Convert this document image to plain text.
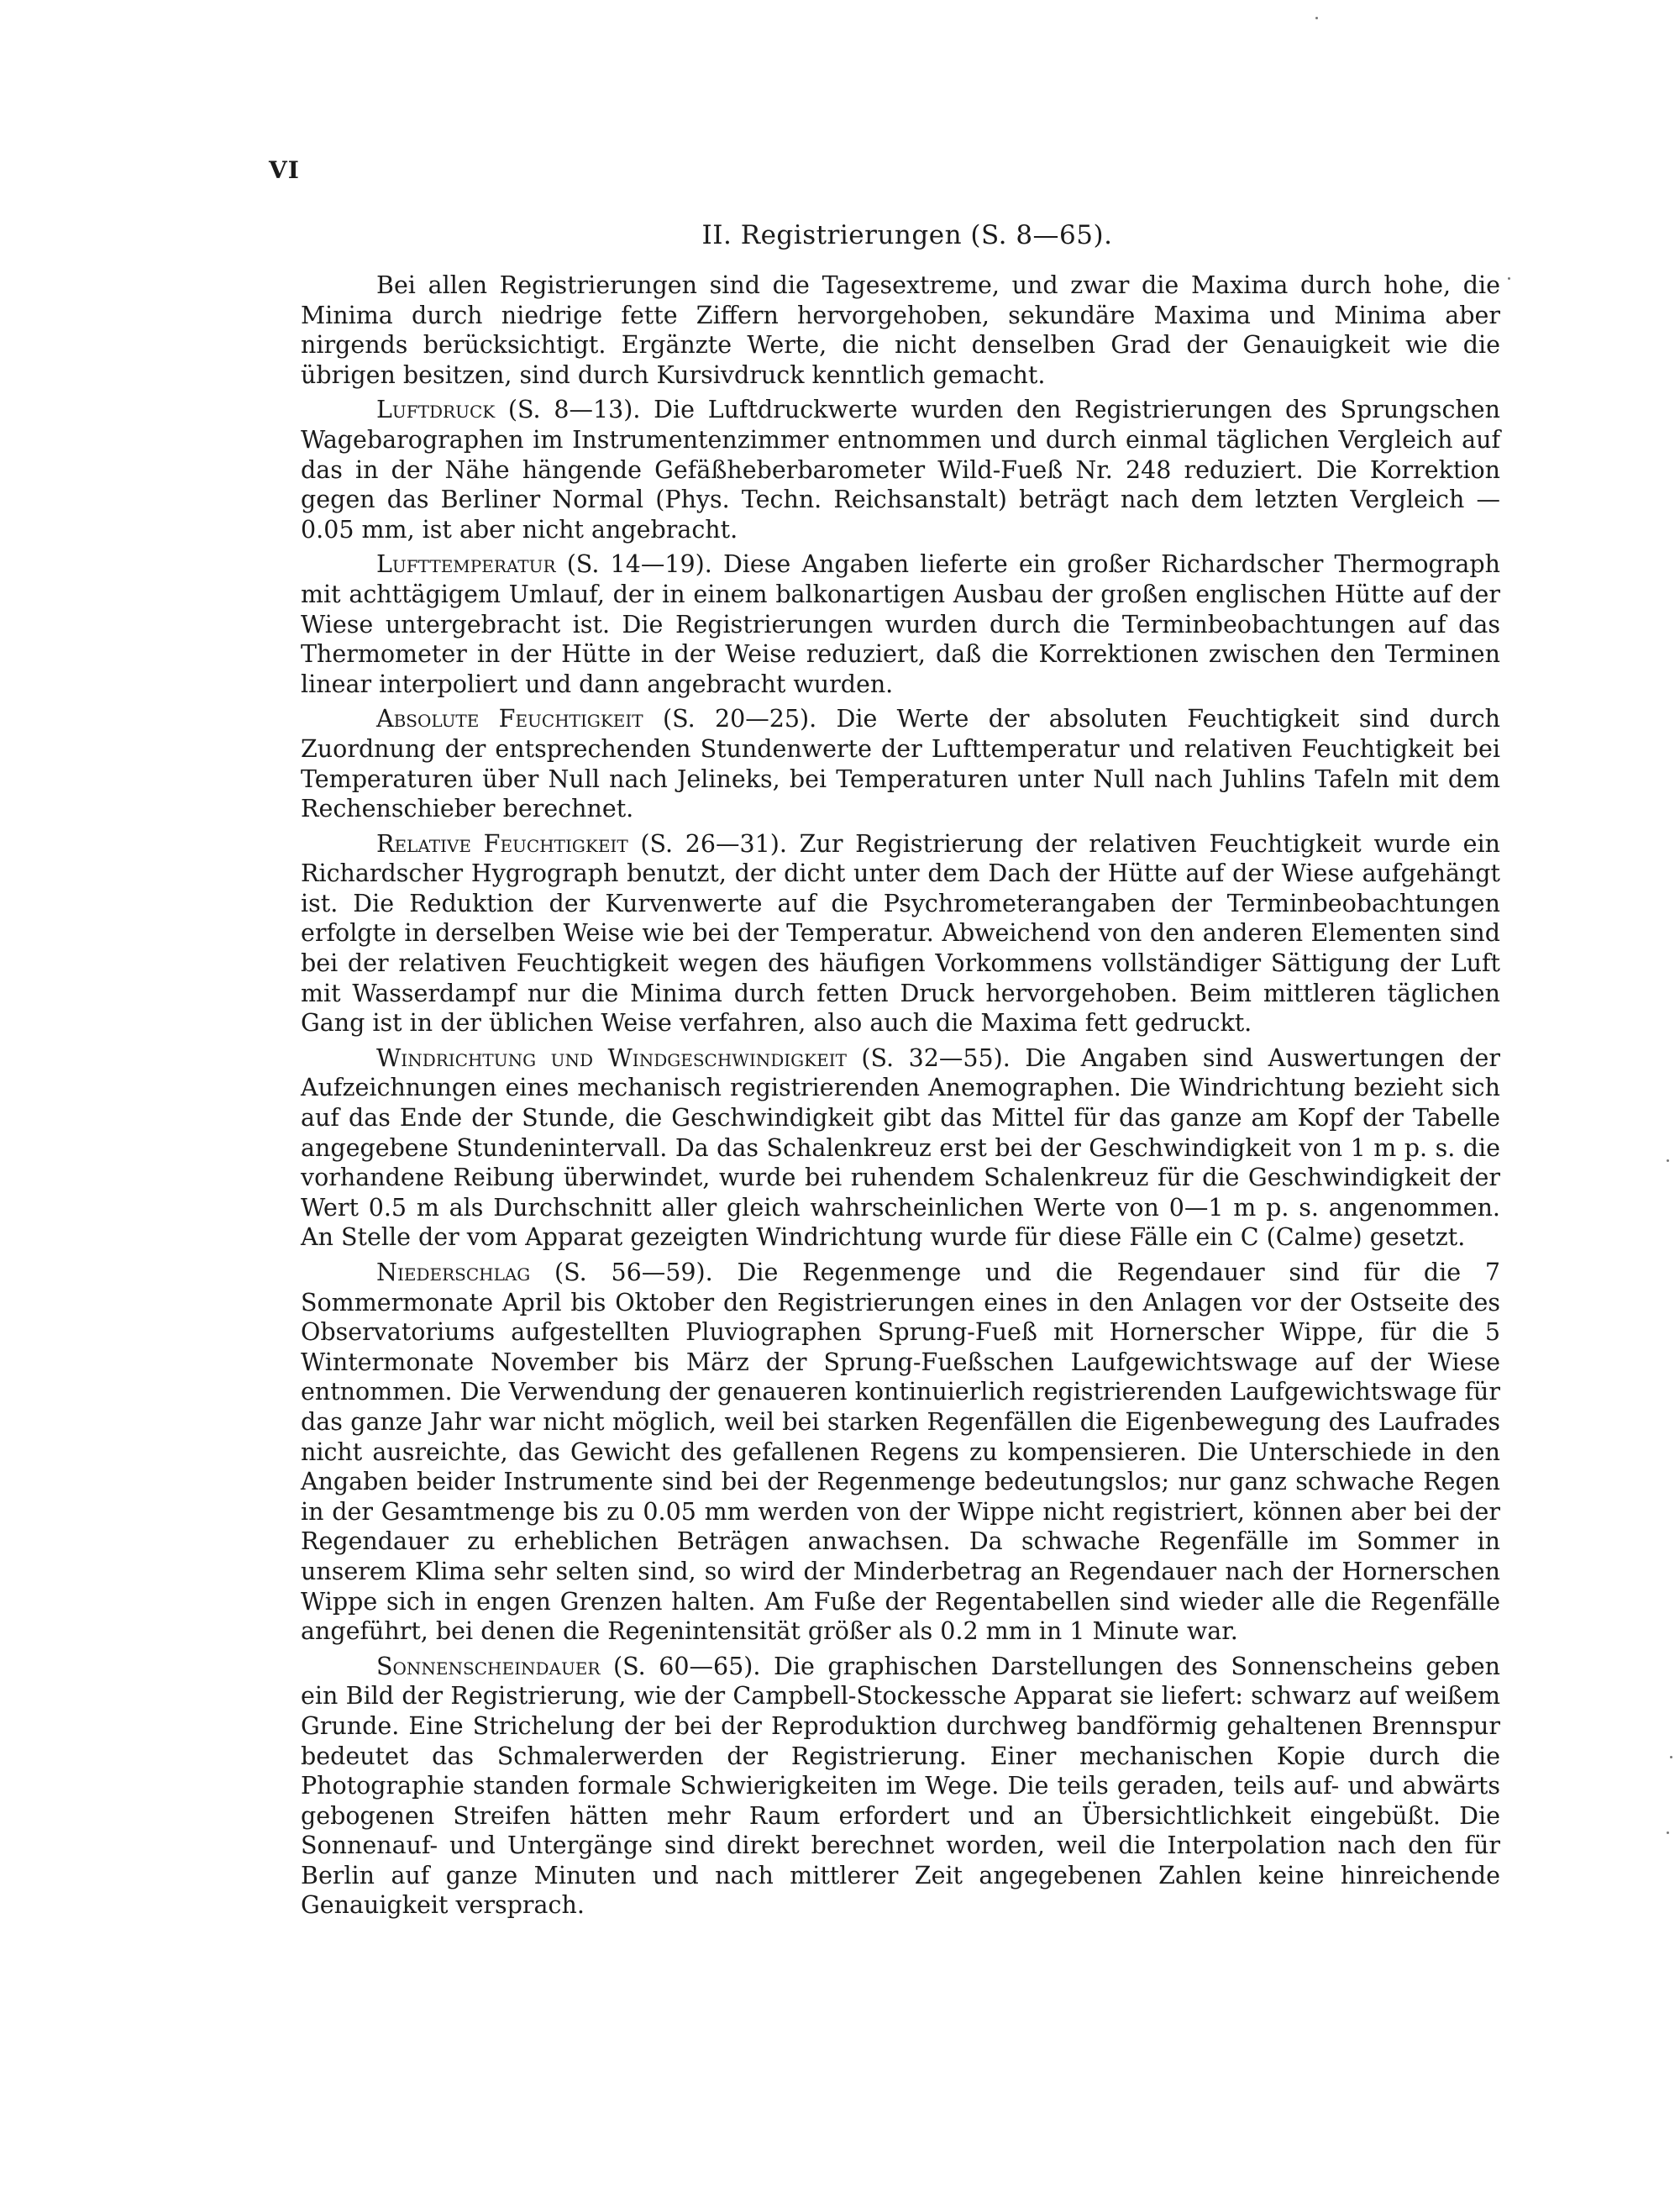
VI
II. Registrierungen (S. 8—65).

Bei allen Registrierungen sind die Tagesextreme, und zwar die Maxima durch hohe, die Minima durch niedrige fette Ziffern hervorgehoben, sekundäre Maxima und Minima aber nirgends berücksichtigt. Ergänzte Werte, die nicht denselben Grad der Genauigkeit wie die übrigen besitzen, sind durch Kursivdruck kenntlich gemacht.

Luftdruck (S. 8—13). Die Luftdruckwerte wurden den Registrierungen des Sprungschen Wagebarographen im Instrumentenzimmer entnommen und durch einmal täglichen Vergleich auf das in der Nähe hängende Gefäßheberbarometer Wild-Fueß Nr. 248 reduziert. Die Korrektion gegen das Berliner Normal (Phys. Techn. Reichsanstalt) beträgt nach dem letzten Vergleich — 0.05 mm, ist aber nicht angebracht.

Lufttemperatur (S. 14—19). Diese Angaben lieferte ein großer Richardscher Thermograph mit achttägigem Umlauf, der in einem balkonartigen Ausbau der großen englischen Hütte auf der Wiese untergebracht ist. Die Registrierungen wurden durch die Terminbeobachtungen auf das Thermometer in der Hütte in der Weise reduziert, daß die Korrektionen zwischen den Terminen linear interpoliert und dann angebracht wurden.

Absolute Feuchtigkeit (S. 20—25). Die Werte der absoluten Feuchtigkeit sind durch Zuordnung der entsprechenden Stundenwerte der Lufttemperatur und relativen Feuchtigkeit bei Temperaturen über Null nach Jelineks, bei Temperaturen unter Null nach Juhlins Tafeln mit dem Rechenschieber berechnet.

Relative Feuchtigkeit (S. 26—31). Zur Registrierung der relativen Feuchtigkeit wurde ein Richardscher Hygrograph benutzt, der dicht unter dem Dach der Hütte auf der Wiese aufgehängt ist. Die Reduktion der Kurvenwerte auf die Psychrometerangaben der Terminbeobachtungen erfolgte in derselben Weise wie bei der Temperatur. Abweichend von den anderen Elementen sind bei der relativen Feuchtigkeit wegen des häufigen Vorkommens vollständiger Sättigung der Luft mit Wasserdampf nur die Minima durch fetten Druck hervorgehoben. Beim mittleren täglichen Gang ist in der üblichen Weise verfahren, also auch die Maxima fett gedruckt.

Windrichtung und Windgeschwindigkeit (S. 32—55). Die Angaben sind Auswertungen der Aufzeichnungen eines mechanisch registrierenden Anemographen. Die Windrichtung bezieht sich auf das Ende der Stunde, die Geschwindigkeit gibt das Mittel für das ganze am Kopf der Tabelle angegebene Stundenintervall. Da das Schalenkreuz erst bei der Geschwindigkeit von 1 m p. s. die vorhandene Reibung überwindet, wurde bei ruhendem Schalenkreuz für die Geschwindigkeit der Wert 0.5 m als Durchschnitt aller gleich wahrscheinlichen Werte von 0—1 m p. s. angenommen. An Stelle der vom Apparat gezeigten Windrichtung wurde für diese Fälle ein C (Calme) gesetzt.

Niederschlag (S. 56—59). Die Regenmenge und die Regendauer sind für die 7 Sommermonate April bis Oktober den Registrierungen eines in den Anlagen vor der Ostseite des Observatoriums aufgestellten Pluviographen Sprung-Fueß mit Hornerscher Wippe, für die 5 Wintermonate November bis März der Sprung-Fueßschen Laufgewichtswage auf der Wiese entnommen. Die Verwendung der genaueren kontinuierlich registrierenden Laufgewichtswage für das ganze Jahr war nicht möglich, weil bei starken Regenfällen die Eigenbewegung des Laufrades nicht ausreichte, das Gewicht des gefallenen Regens zu kompensieren. Die Unterschiede in den Angaben beider Instrumente sind bei der Regenmenge bedeutungslos; nur ganz schwache Regen in der Gesamtmenge bis zu 0.05 mm werden von der Wippe nicht registriert, können aber bei der Regendauer zu erheblichen Beträgen anwachsen. Da schwache Regenfälle im Sommer in unserem Klima sehr selten sind, so wird der Minderbetrag an Regendauer nach der Hornerschen Wippe sich in engen Grenzen halten. Am Fuße der Regentabellen sind wieder alle die Regenfälle angeführt, bei denen die Regenintensität größer als 0.2 mm in 1 Minute war.

Sonnenscheindauer (S. 60—65). Die graphischen Darstellungen des Sonnenscheins geben ein Bild der Registrierung, wie der Campbell-Stockessche Apparat sie liefert: schwarz auf weißem Grunde. Eine Strichelung der bei der Reproduktion durchweg bandförmig gehaltenen Brennspur bedeutet das Schmalerwerden der Registrierung. Einer mechanischen Kopie durch die Photographie standen formale Schwierigkeiten im Wege. Die teils geraden, teils auf- und abwärts gebogenen Streifen hätten mehr Raum erfordert und an Übersichtlichkeit eingebüßt. Die Sonnenauf- und Untergänge sind direkt berechnet worden, weil die Interpolation nach den für Berlin auf ganze Minuten und nach mittlerer Zeit angegebenen Zahlen keine hinreichende Genauigkeit versprach.
